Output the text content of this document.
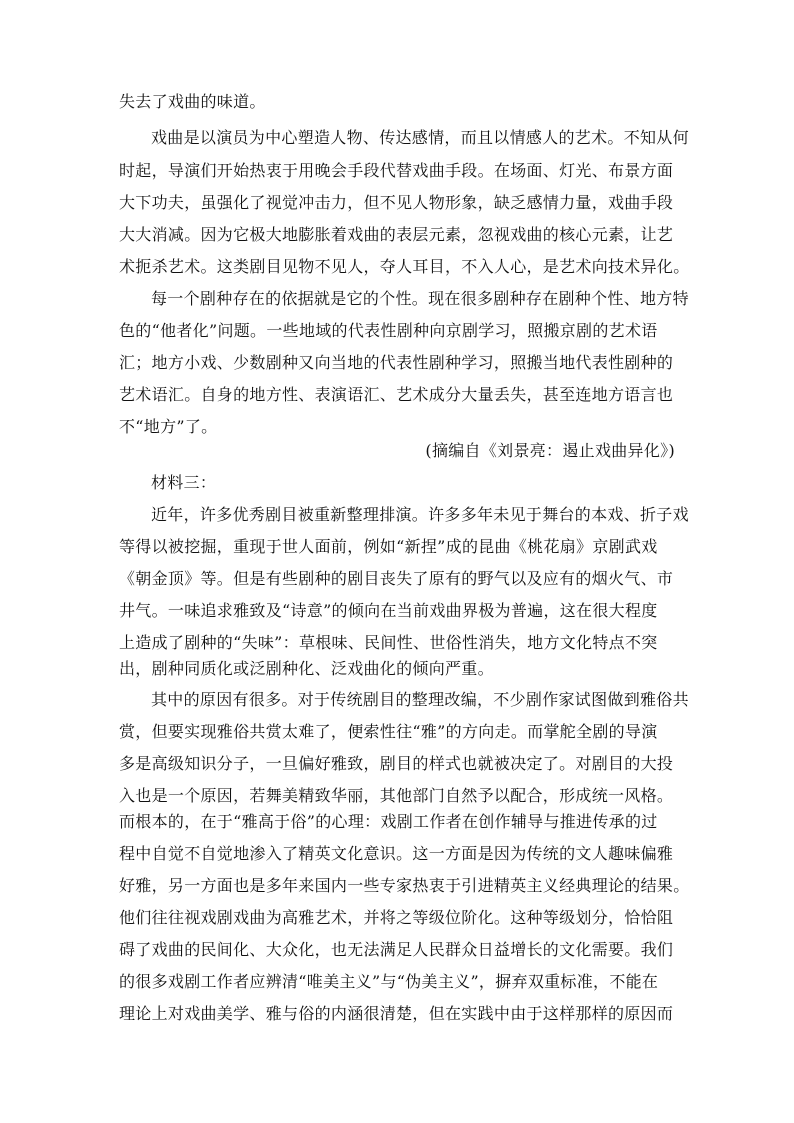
失去了戏曲的味道。
戏曲是以演员为中心塑造人物、传达感情，而且以情感人的艺术。不知从何
时起，导演们开始热衷于用晚会手段代替戏曲手段。在场面、灯光、布景方面
大下功夫，虽强化了视觉冲击力，但不见人物形象，缺乏感情力量，戏曲手段
大大消减。因为它极大地膨胀着戏曲的表层元素，忽视戏曲的核心元素，让艺
术扼杀艺术。这类剧目见物不见人，夺人耳目，不入人心，是艺术向技术异化。
每一个剧种存在的依据就是它的个性。现在很多剧种存在剧种个性、地方特
色的“他者化”问题。一些地域的代表性剧种向京剧学习，照搬京剧的艺术语
汇；地方小戏、少数剧种又向当地的代表性剧种学习，照搬当地代表性剧种的
艺术语汇。自身的地方性、表演语汇、艺术成分大量丢失，甚至连地方语言也
不“地方”了。
(摘编自《刘景亮：遏止戏曲异化》)
材料三：
近年，许多优秀剧目被重新整理排演。许多多年未见于舞台的本戏、折子戏
等得以被挖掘，重现于世人面前，例如“新捏”成的昆曲《桃花扇》京剧武戏
《朝金顶》等。但是有些剧种的剧目丧失了原有的野气以及应有的烟火气、市
井气。一味追求雅致及“诗意”的倾向在当前戏曲界极为普遍，这在很大程度
上造成了剧种的“失味”：草根味、民间性、世俗性消失，地方文化特点不突
出，剧种同质化或泛剧种化、泛戏曲化的倾向严重。
其中的原因有很多。对于传统剧目的整理改编，不少剧作家试图做到雅俗共
赏，但要实现雅俗共赏太难了，便索性往“雅”的方向走。而掌舵全剧的导演
多是高级知识分子，一旦偏好雅致，剧目的样式也就被决定了。对剧目的大投
入也是一个原因，若舞美精致华丽，其他部门自然予以配合，形成统一风格。
而根本的，在于“雅高于俗”的心理：戏剧工作者在创作辅导与推进传承的过
程中自觉不自觉地渗入了精英文化意识。这一方面是因为传统的文人趣味偏雅
好雅，另一方面也是多年来国内一些专家热衷于引进精英主义经典理论的结果。
他们往往视戏剧戏曲为高雅艺术，并将之等级位阶化。这种等级划分，恰恰阻
碍了戏曲的民间化、大众化，也无法满足人民群众日益增长的文化需要。我们
的很多戏剧工作者应辨清“唯美主义”与“伪美主义”，摒弃双重标准，不能在
理论上对戏曲美学、雅与俗的内涵很清楚，但在实践中由于这样那样的原因而
